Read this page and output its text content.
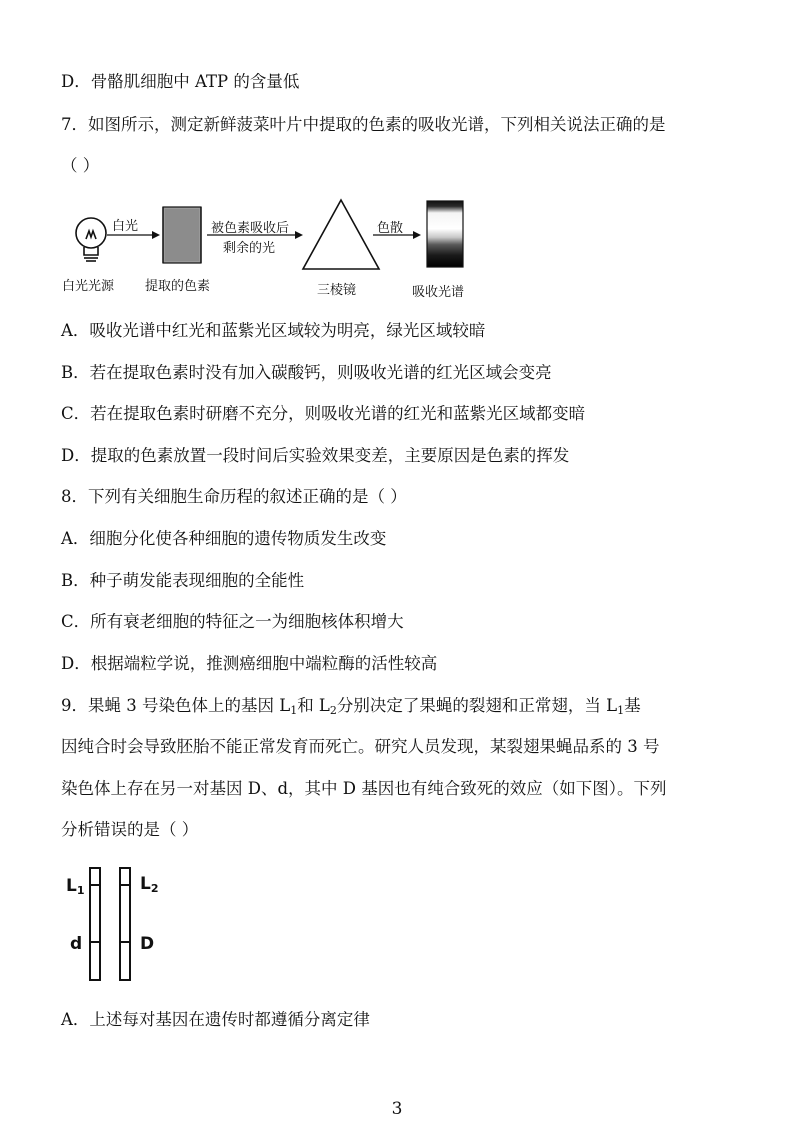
D．骨骼肌细胞中 ATP 的含量低
7．如图所示，测定新鲜菠菜叶片中提取的色素的吸收光谱，下列相关说法正确的是
（ ）
白光	被色素吸收后
剩余的光
色散
白光光源 提取的色素	三棱镜	吸收光谱
A．吸收光谱中红光和蓝紫光区域较为明亮，绿光区域较暗
B．若在提取色素时没有加入碳酸钙，则吸收光谱的红光区域会变亮
C．若在提取色素时研磨不充分，则吸收光谱的红光和蓝紫光区域都变暗
D．提取的色素放置一段时间后实验效果变差，主要原因是色素的挥发
8．下列有关细胞生命历程的叙述正确的是（ ）
A．细胞分化使各种细胞的遗传物质发生改变
B．种子萌发能表现细胞的全能性
C．所有衰老细胞的特征之一为细胞核体积增大
D．根据端粒学说，推测癌细胞中端粒酶的活性较高
9．果蝇 3 号染色体上的基因 $L_1$和 $L_2$分别决定了果蝇的裂翅和正常翅，当 $L_1$基
因纯合时会导致胚胎不能正常发育而死亡。研究人员发现，某裂翅果蝇品系的 3 号
染色体上存在另一对基因 D、d，其中 D 基因也有纯合致死的效应（如下图）。下列
分析错误的是（ ）
$L_1$	$L_2$
d	D
A．上述每对基因在遗传时都遵循分离定律
3
